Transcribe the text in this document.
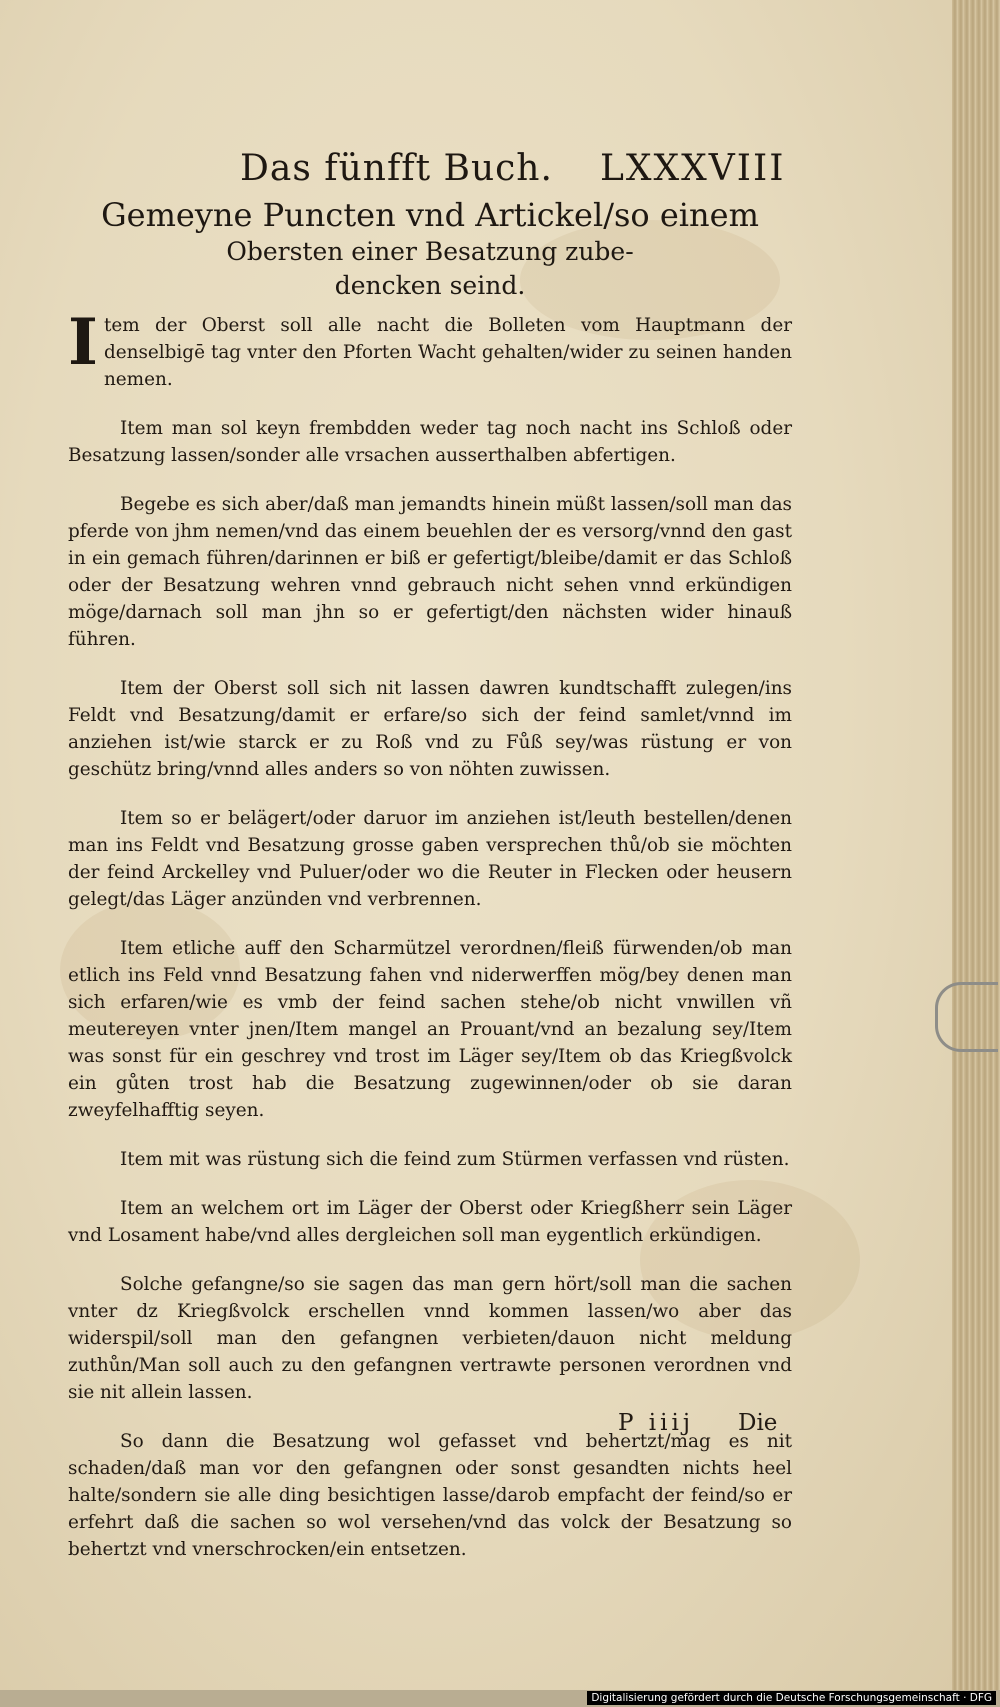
Das fünfft Buch. LXXXVIII
Gemeyne Puncten vnd Artickel/so einem
Obersten einer Besatzung zube-
dencken seind.

Item der Oberst soll alle nacht die Bolleten vom Hauptmann der denselbigē tag vnter den Pforten Wacht gehalten/wider zu seinen handen nemen.

Item man sol keyn frembdden weder tag noch nacht ins Schloß oder Besatzung lassen/sonder alle vrsachen ausserthalben abfertigen.

Begebe es sich aber/daß man jemandts hinein müßt lassen/soll man das pferde von jhm nemen/vnd das einem beuehlen der es versorg/vnnd den gast in ein gemach führen/darinnen er biß er gefertigt/bleibe/damit er das Schloß oder der Besatzung wehren vnnd gebrauch nicht sehen vnnd erkündigen möge/darnach soll man jhn so er gefertigt/den nächsten wider hinauß führen.

Item der Oberst soll sich nit lassen dawren kundtschafft zulegen/ins Feldt vnd Besatzung/damit er erfare/so sich der feind samlet/vnnd im anziehen ist/wie starck er zu Roß vnd zu Fůß sey/was rüstung er von geschütz bring/vnnd alles anders so von nöhten zuwissen.

Item so er belägert/oder daruor im anziehen ist/leuth bestellen/denen man ins Feldt vnd Besatzung grosse gaben versprechen thů/ob sie möchten der feind Arckelley vnd Puluer/oder wo die Reuter in Flecken oder heusern gelegt/das Läger anzünden vnd verbrennen.

Item etliche auff den Scharmützel verordnen/fleiß fürwenden/ob man etlich ins Feld vnnd Besatzung fahen vnd niderwerffen mög/bey denen man sich erfaren/wie es vmb der feind sachen stehe/ob nicht vnwillen vñ meutereyen vnter jnen/Item mangel an Prouant/vnd an bezalung sey/Item was sonst für ein geschrey vnd trost im Läger sey/Item ob das Kriegßvolck ein gůten trost hab die Besatzung zugewinnen/oder ob sie daran zweyfelhafftig seyen.

Item mit was rüstung sich die feind zum Stürmen verfassen vnd rüsten.

Item an welchem ort im Läger der Oberst oder Kriegßherr sein Läger vnd Losament habe/vnd alles dergleichen soll man eygentlich erkündigen.

Solche gefangne/so sie sagen das man gern hört/soll man die sachen vnter dz Kriegßvolck erschellen vnnd kommen lassen/wo aber das widerspil/soll man den gefangnen verbieten/dauon nicht meldung zuthůn/Man soll auch zu den gefangnen vertrawte personen verordnen vnd sie nit allein lassen.

So dann die Besatzung wol gefasset vnd behertzt/mag es nit schaden/daß man vor den gefangnen oder sonst gesandten nichts heel halte/sondern sie alle ding besichtigen lasse/darob empfacht der feind/so er erfehrt daß die sachen so wol versehen/vnd das volck der Besatzung so behertzt vnd vnerschrocken/ein entsetzen.

P iiij Die
Digitalisierung gefördert durch die Deutsche Forschungsgemeinschaft · DFG
